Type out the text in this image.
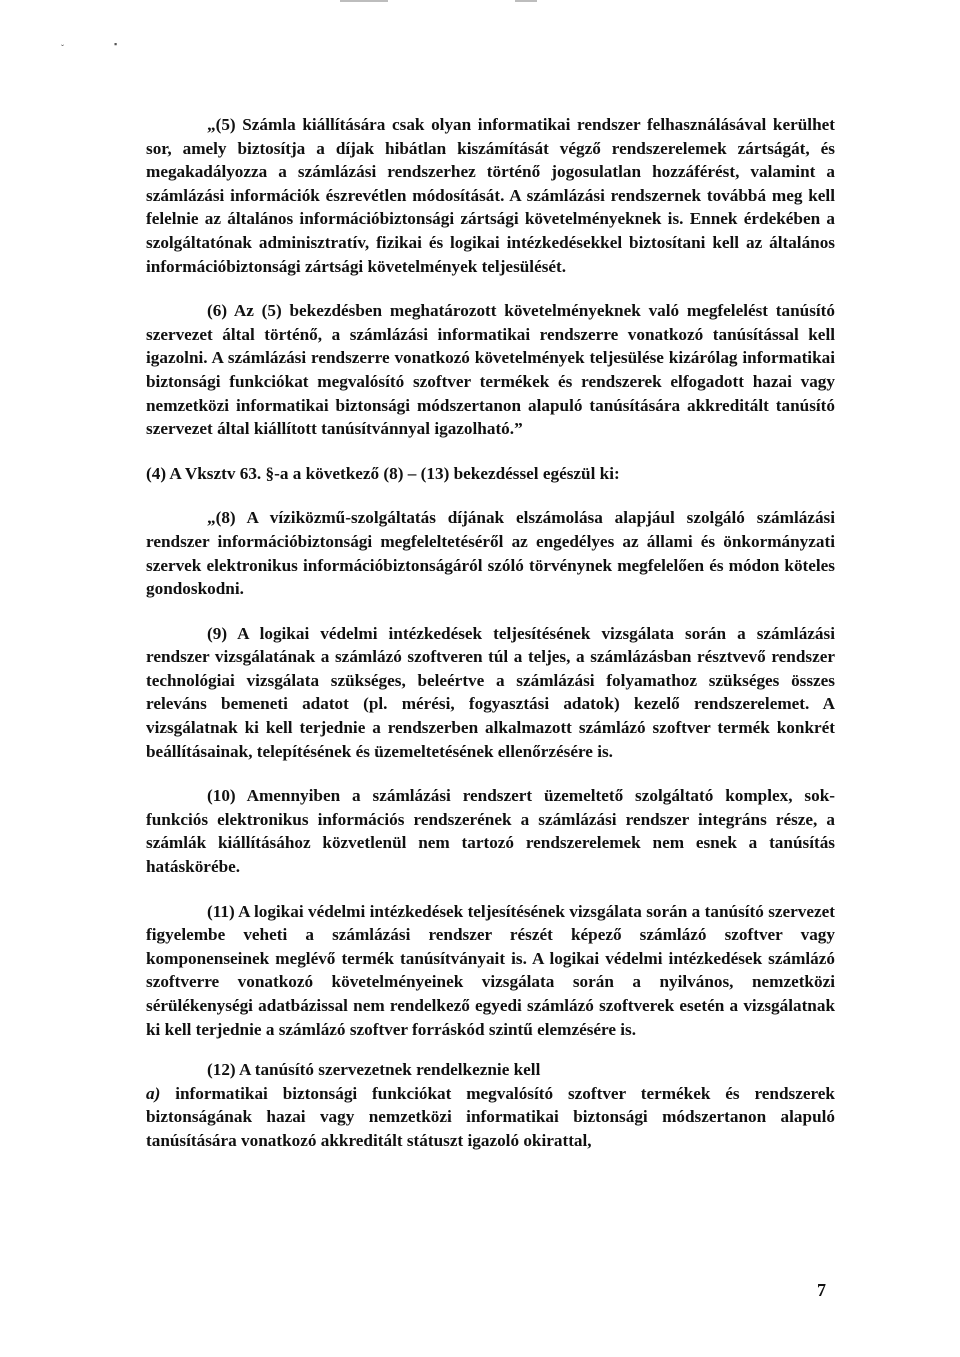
ˇ	▪

„(5) Számla kiállítására csak olyan informatikai rendszer felhasználásával kerülhet sor, amely biztosítja a díjak hibátlan kiszámítását végző rendszerelemek zártságát, és megakadályozza a számlázási rendszerhez történő jogosulatlan hozzáférést, valamint a számlázási információk észrevétlen módosítását. A számlázási rendszernek továbbá meg kell felelnie az általános információbiztonsági zártsági követelményeknek is. Ennek érdekében a szolgáltatónak adminisztratív, fizikai és logikai intézkedésekkel biztosítani kell az általános információbiztonsági zártsági követelmények teljesülését.

(6) Az (5) bekezdésben meghatározott követelményeknek való megfelelést tanúsító szervezet által történő, a számlázási informatikai rendszerre vonatkozó tanúsítással kell igazolni. A számlázási rendszerre vonatkozó követelmények teljesülése kizárólag informatikai biztonsági funkciókat megvalósító szoftver termékek és rendszerek elfogadott hazai vagy nemzetközi informatikai biztonsági módszertanon alapuló tanúsítására akkreditált tanúsító szervezet által kiállított tanúsítvánnyal igazolható.”

(4) A Vksztv 63. §-a a következő (8) – (13) bekezdéssel egészül ki:

„(8) A víziközmű-szolgáltatás díjának elszámolása alapjául szolgáló számlázási rendszer információbiztonsági megfeleltetéséről az engedélyes az állami és önkormányzati szervek elektronikus információbiztonságáról szóló törvénynek megfelelően és módon köteles gondoskodni.

(9) A logikai védelmi intézkedések teljesítésének vizsgálata során a számlázási rendszer vizsgálatának a számlázó szoftveren túl a teljes, a számlázásban résztvevő rendszer technológiai vizsgálata szükséges, beleértve a számlázási folyamathoz szükséges összes releváns bemeneti adatot (pl. mérési, fogyasztási adatok) kezelő rendszerelemet. A vizsgálatnak ki kell terjednie a rendszerben alkalmazott számlázó szoftver termék konkrét beállításainak, telepítésének és üzemeltetésének ellenőrzésére is.

(10) Amennyiben a számlázási rendszert üzemeltető szolgáltató komplex, sok-funkciós elektronikus információs rendszerének a számlázási rendszer integráns része, a számlák kiállításához közvetlenül nem tartozó rendszerelemek nem esnek a tanúsítás hatáskörébe.

(11) A logikai védelmi intézkedések teljesítésének vizsgálata során a tanúsító szervezet figyelembe veheti a számlázási rendszer részét képező számlázó szoftver vagy komponenseinek meglévő termék tanúsítványait is. A logikai védelmi intézkedések számlázó szoftverre vonatkozó követelményeinek vizsgálata során a nyilvános, nemzetközi sérülékenységi adatbázissal nem rendelkező egyedi számlázó szoftverek esetén a vizsgálatnak ki kell terjednie a számlázó szoftver forráskód szintű elemzésére is.

(12) A tanúsító szervezetnek rendelkeznie kell

a) informatikai biztonsági funkciókat megvalósító szoftver termékek és rendszerek biztonságának hazai vagy nemzetközi informatikai biztonsági módszertanon alapuló tanúsítására vonatkozó akkreditált státuszt igazoló okirattal,

7
